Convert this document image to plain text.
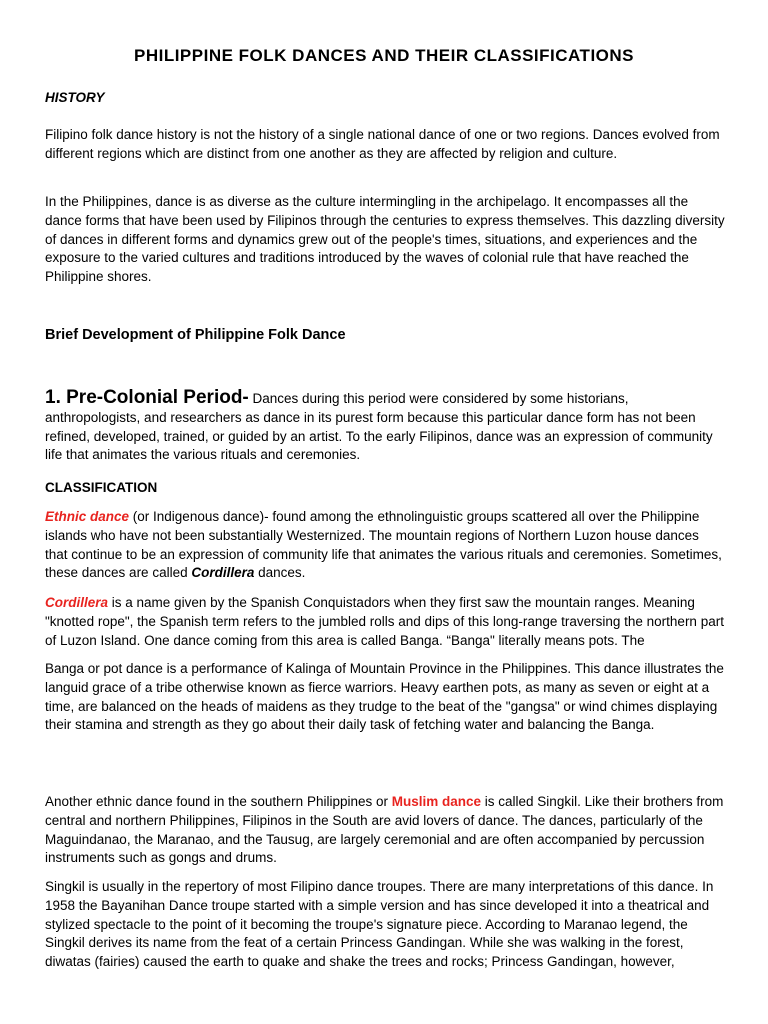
PHILIPPINE FOLK DANCES AND THEIR CLASSIFICATIONS

HISTORY

Filipino folk dance history is not the history of a single national dance of one or two regions. Dances evolved from different regions which are distinct from one another as they are affected by religion and culture.

In the Philippines, dance is as diverse as the culture intermingling in the archipelago. It encompasses all the dance forms that have been used by Filipinos through the centuries to express themselves. This dazzling diversity of dances in different forms and dynamics grew out of the people's times, situations, and experiences and the exposure to the varied cultures and traditions introduced by the waves of colonial rule that have reached the Philippine shores.

Brief Development of Philippine Folk Dance

1. Pre-Colonial Period- Dances during this period were considered by some historians, anthropologists, and researchers as dance in its purest form because this particular dance form has not been refined, developed, trained, or guided by an artist. To the early Filipinos, dance was an expression of community life that animates the various rituals and ceremonies.

CLASSIFICATION

Ethnic dance (or Indigenous dance)- found among the ethnolinguistic groups scattered all over the Philippine islands who have not been substantially Westernized. The mountain regions of Northern Luzon house dances that continue to be an expression of community life that animates the various rituals and ceremonies. Sometimes, these dances are called Cordillera dances.

Cordillera is a name given by the Spanish Conquistadors when they first saw the mountain ranges. Meaning "knotted rope", the Spanish term refers to the jumbled rolls and dips of this long-range traversing the northern part of Luzon Island. One dance coming from this area is called Banga. “Banga" literally means pots. The

Banga or pot dance is a performance of Kalinga of Mountain Province in the Philippines. This dance illustrates the languid grace of a tribe otherwise known as fierce warriors. Heavy earthen pots, as many as seven or eight at a time, are balanced on the heads of maidens as they trudge to the beat of the "gangsa" or wind chimes displaying their stamina and strength as they go about their daily task of fetching water and balancing the Banga.

Another ethnic dance found in the southern Philippines or Muslim dance is called Singkil. Like their brothers from central and northern Philippines, Filipinos in the South are avid lovers of dance. The dances, particularly of the Maguindanao, the Maranao, and the Tausug, are largely ceremonial and are often accompanied by percussion instruments such as gongs and drums.

Singkil is usually in the repertory of most Filipino dance troupes. There are many interpretations of this dance. In 1958 the Bayanihan Dance troupe started with a simple version and has since developed it into a theatrical and stylized spectacle to the point of it becoming the troupe's signature piece. According to Maranao legend, the Singkil derives its name from the feat of a certain Princess Gandingan. While she was walking in the forest, diwatas (fairies) caused the earth to quake and shake the trees and rocks; Princess Gandingan, however,
